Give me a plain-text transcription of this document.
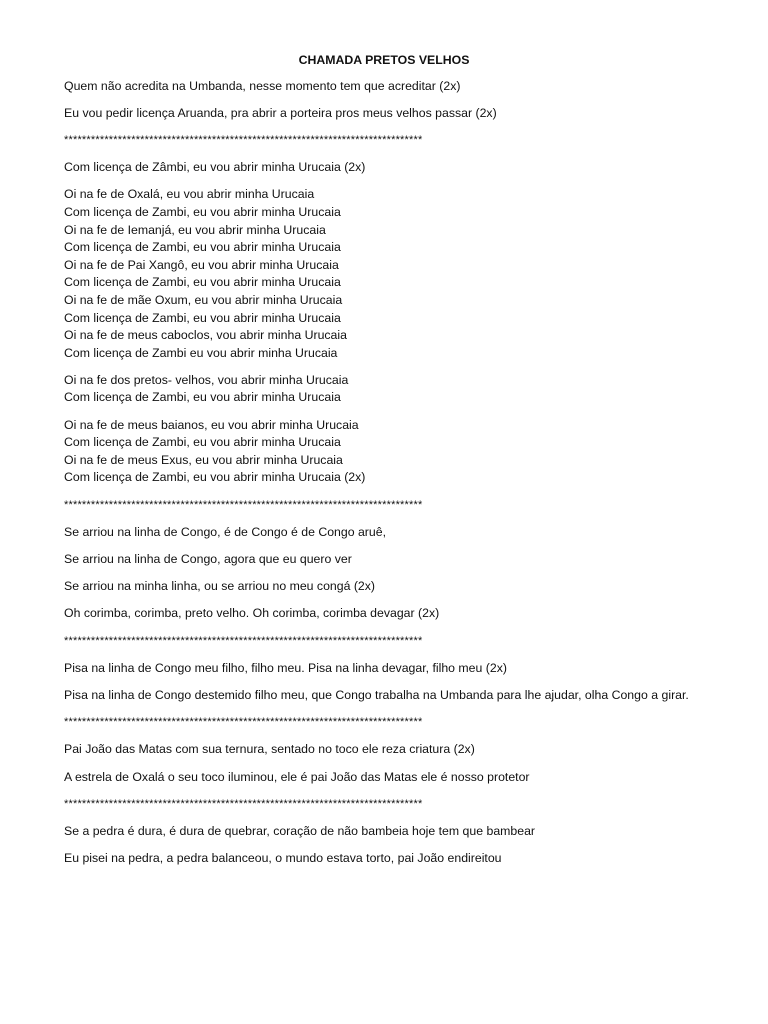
CHAMADA PRETOS VELHOS
Quem não acredita na Umbanda, nesse momento tem que acreditar (2x)
Eu vou pedir licença Aruanda, pra abrir a porteira pros meus velhos passar (2x)
********************************************************************************
Com licença de Zâmbi, eu vou abrir minha Urucaia (2x)
Oi na fe de Oxalá, eu vou abrir minha Urucaia
Com licença de Zambi, eu vou abrir minha Urucaia
Oi na fe de Iemanjá, eu vou abrir minha Urucaia
Com licença de Zambi, eu vou abrir minha Urucaia
Oi na fe de Pai Xangô, eu vou abrir minha Urucaia
Com licença de Zambi, eu vou abrir minha Urucaia
Oi na fe de mãe Oxum, eu vou abrir minha Urucaia
Com licença de Zambi, eu vou abrir minha Urucaia
Oi na fe de meus caboclos, vou abrir minha Urucaia
Com licença de Zambi eu vou abrir minha Urucaia
Oi na fe dos pretos- velhos, vou abrir minha Urucaia
Com licença de Zambi, eu vou abrir minha Urucaia
Oi na fe de meus baianos, eu vou abrir minha Urucaia
Com licença de Zambi, eu vou abrir minha Urucaia
Oi na fe de meus Exus, eu vou abrir minha Urucaia
Com licença de Zambi, eu vou abrir minha Urucaia (2x)
********************************************************************************
Se arriou na linha de Congo, é de Congo é de Congo aruê,
Se arriou na linha de Congo, agora que eu quero ver
Se arriou na minha linha, ou se arriou no meu congá (2x)
Oh corimba, corimba, preto velho. Oh corimba, corimba devagar (2x)
********************************************************************************
Pisa na linha de Congo meu filho, filho meu. Pisa na linha devagar, filho meu (2x)
Pisa na linha de Congo destemido filho meu, que Congo trabalha na Umbanda para lhe ajudar, olha Congo a girar.
********************************************************************************
Pai João das Matas com sua ternura, sentado no toco ele reza criatura (2x)
A estrela de Oxalá o seu toco iluminou, ele é pai João das Matas ele é nosso protetor
********************************************************************************
Se a pedra é dura, é dura de quebrar, coração de não bambeia hoje tem que bambear
Eu pisei na pedra, a pedra balanceou, o mundo estava torto, pai João endireitou
